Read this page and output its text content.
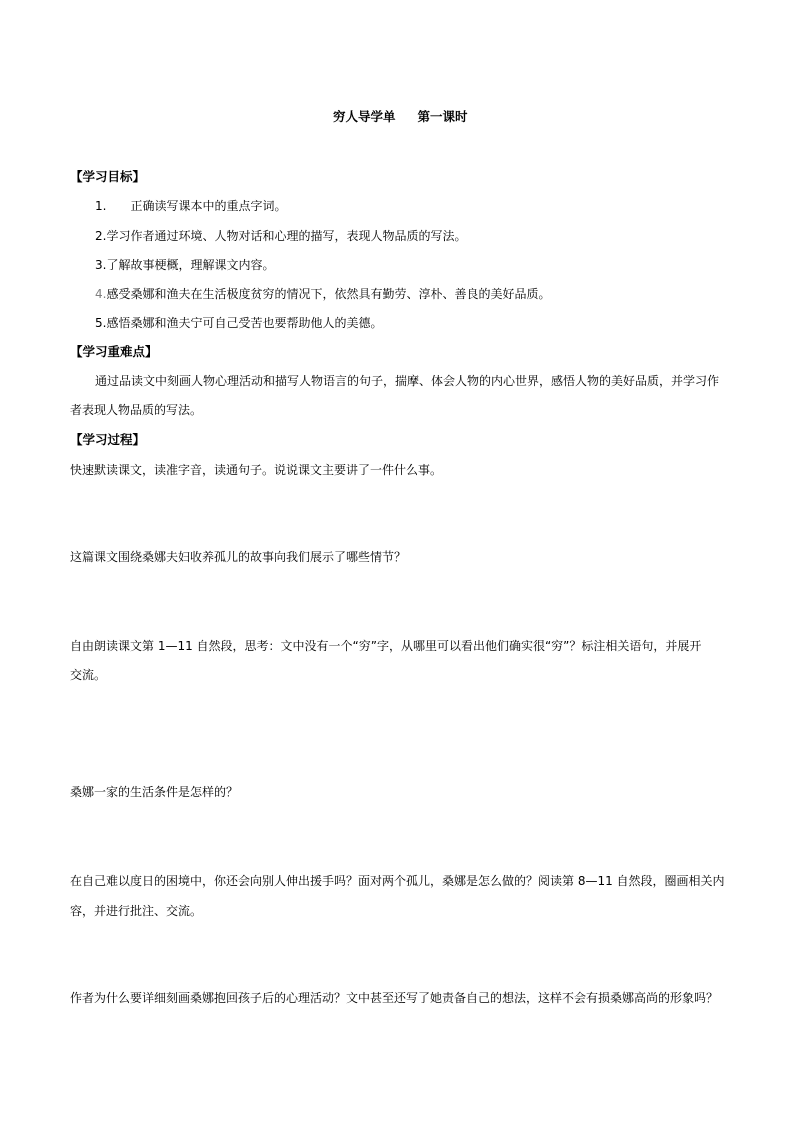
穷人导学单 第一课时
【学习目标】
1. 正确读写课本中的重点字词。
2.学习作者通过环境、人物对话和心理的描写，表现人物品质的写法。
3.了解故事梗概，理解课文内容。
4.感受桑娜和渔夫在生活极度贫穷的情况下，依然具有勤劳、淳朴、善良的美好品质。
5.感悟桑娜和渔夫宁可自己受苦也要帮助他人的美德。
【学习重难点】
通过品读文中刻画人物心理活动和描写人物语言的句子，揣摩、体会人物的内心世界，感悟人物的美好品质，并学习作
者表现人物品质的写法。
【学习过程】
快速默读课文，读准字音，读通句子。说说课文主要讲了一件什么事。
这篇课文围绕桑娜夫妇收养孤儿的故事向我们展示了哪些情节？
自由朗读课文第 1—11 自然段，思考：文中没有一个“穷”字，从哪里可以看出他们确实很“穷”？标注相关语句，并展开
交流。
桑娜一家的生活条件是怎样的？
在自己难以度日的困境中，你还会向别人伸出援手吗？面对两个孤儿，桑娜是怎么做的？阅读第 8—11 自然段，圈画相关内
容，并进行批注、交流。
作者为什么要详细刻画桑娜抱回孩子后的心理活动？文中甚至还写了她责备自己的想法，这样不会有损桑娜高尚的形象吗？
